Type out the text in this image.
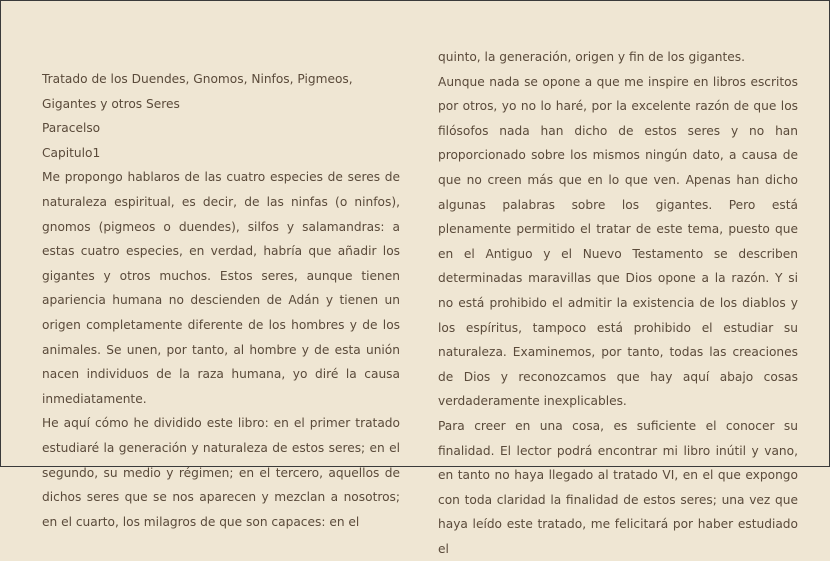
Tratado de los Duendes, Gnomos, Ninfos, Pigmeos, Gigantes y otros Seres

Paracelso

Capitulo1

Me propongo hablaros de las cuatro especies de seres de naturaleza espiritual, es decir, de las ninfas (o ninfos), gnomos (pigmeos o duendes), silfos y salamandras: a estas cuatro especies, en verdad, habría que añadir los gigantes y otros muchos. Estos seres, aunque tienen apariencia humana no descienden de Adán y tienen un origen completamente diferente de los hombres y de los animales. Se unen, por tanto, al hombre y de esta unión nacen individuos de la raza humana, yo diré la causa inmediatamente.

He aquí cómo he dividido este libro: en el primer tratado estudiaré la generación y naturaleza de estos seres; en el segundo, su medio y régimen; en el tercero, aquellos de dichos seres que se nos aparecen y mezclan a nosotros; en el cuarto, los milagros de que son capaces: en el

quinto, la generación, origen y fin de los gigantes.

Aunque nada se opone a que me inspire en libros escritos por otros, yo no lo haré, por la excelente razón de que los filósofos nada han dicho de estos seres y no han proporcionado sobre los mismos ningún dato, a causa de que no creen más que en lo que ven. Apenas han dicho algunas palabras sobre los gigantes. Pero está plenamente permitido el tratar de este tema, puesto que en el Antiguo y el Nuevo Testamento se describen determinadas maravillas que Dios opone a la razón. Y si no está prohibido el admitir la existencia de los diablos y los espíritus, tampoco está prohibido el estudiar su naturaleza. Examinemos, por tanto, todas las creaciones de Dios y reconozcamos que hay aquí abajo cosas verdaderamente inexplicables.

Para creer en una cosa, es suficiente el conocer su finalidad. El lector podrá encontrar mi libro inútil y vano, en tanto no haya llegado al tratado VI, en el que expongo con toda claridad la finalidad de estos seres; una vez que haya leído este tratado, me felicitará por haber estudiado el
